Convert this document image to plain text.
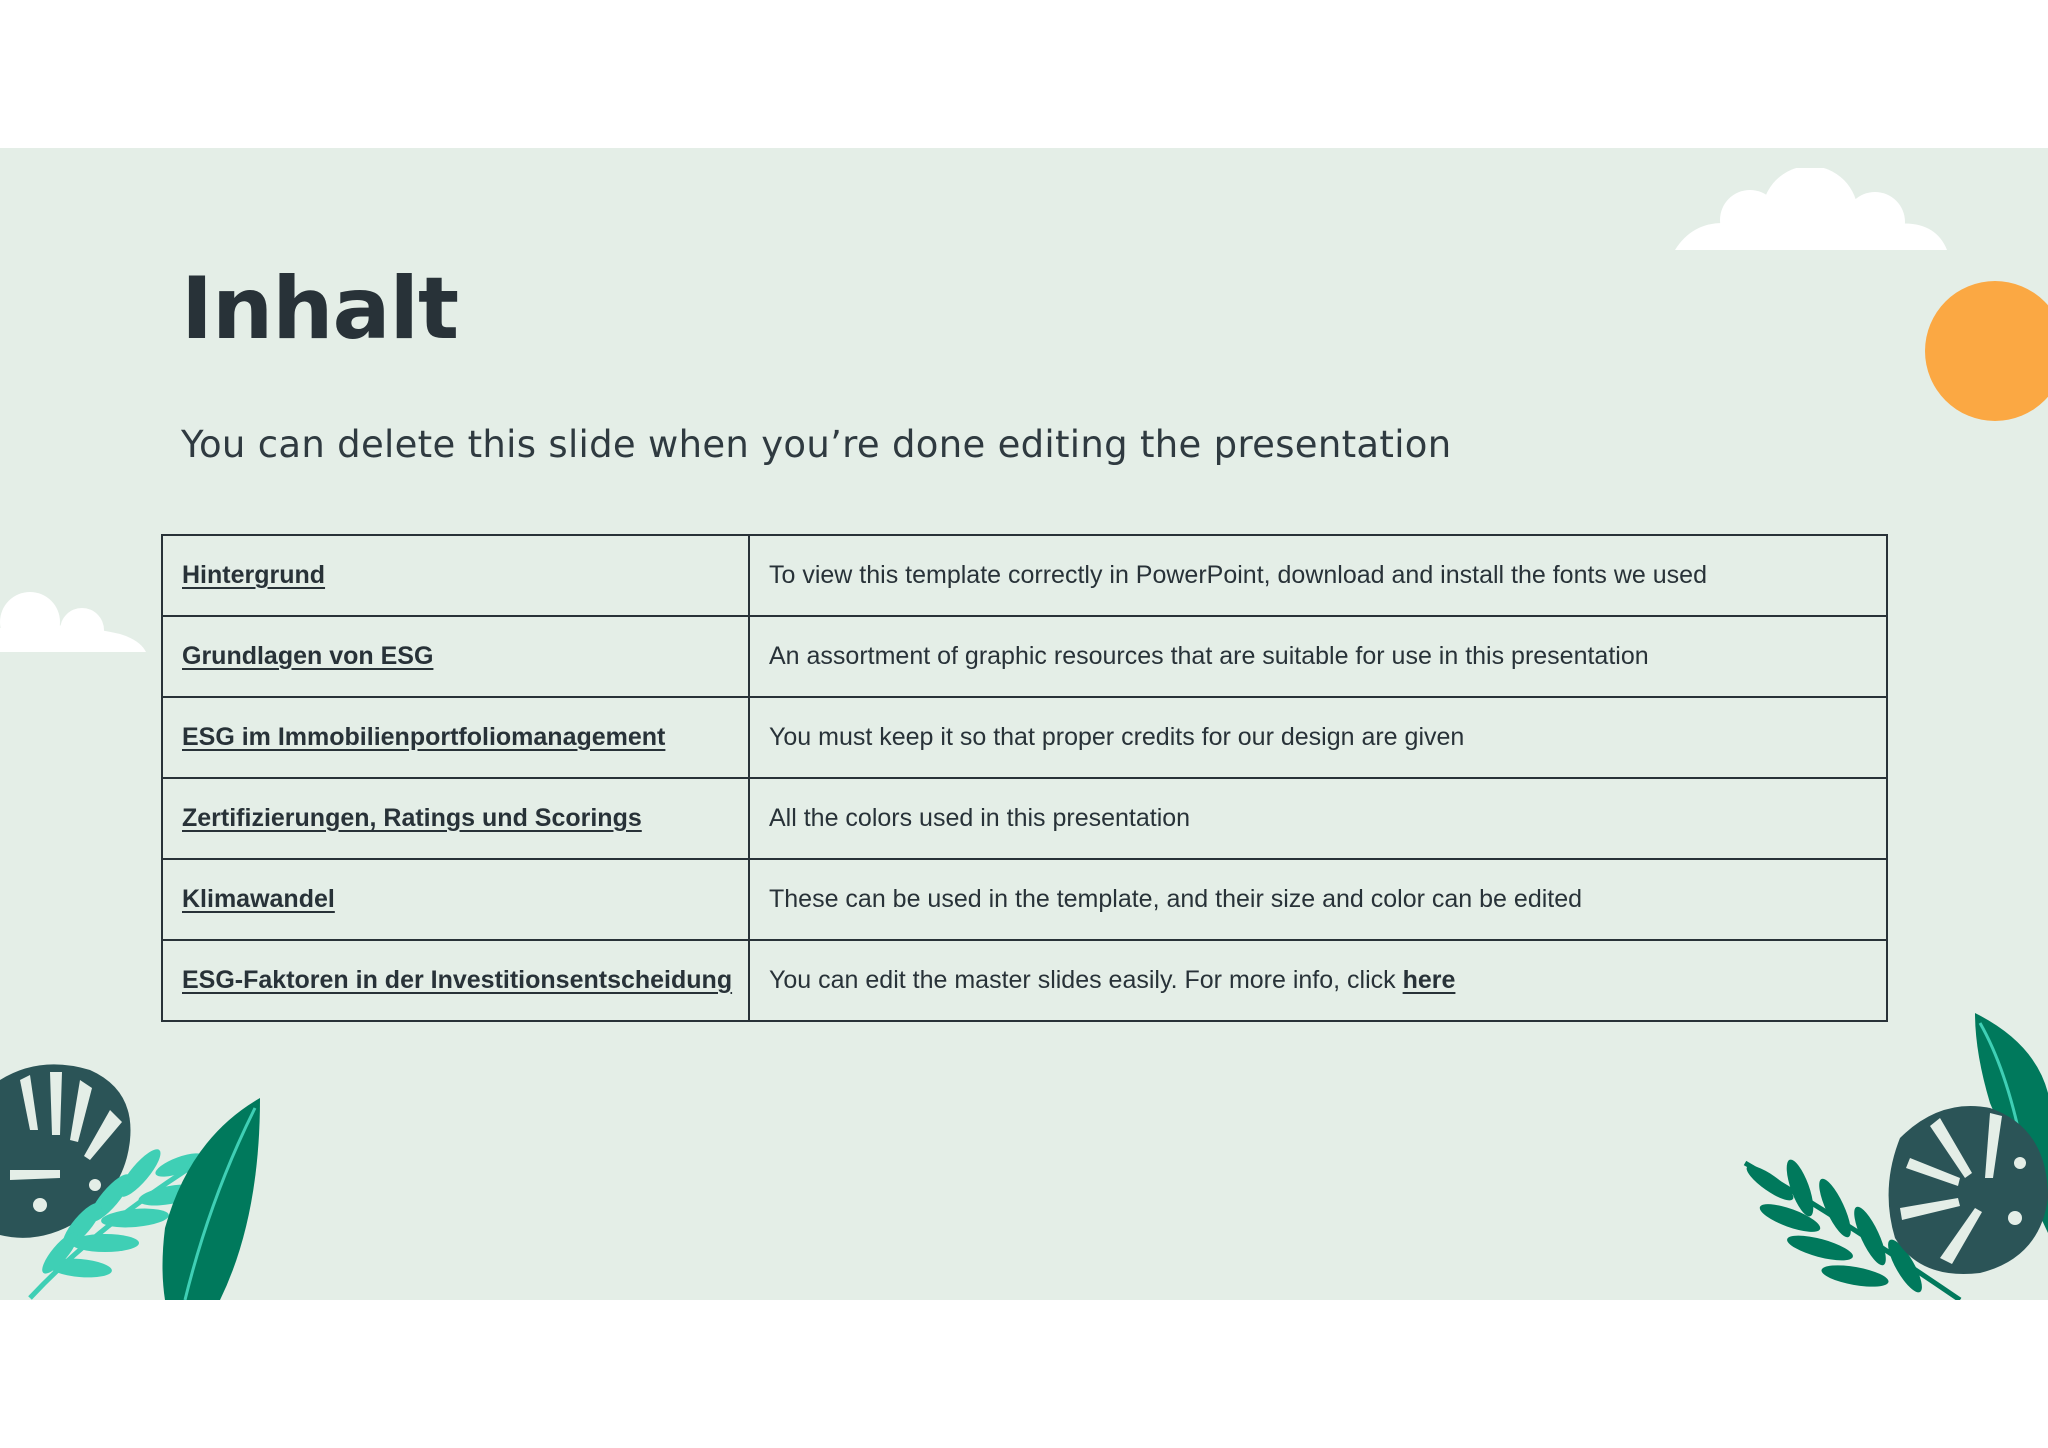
Inhalt

You can delete this slide when you’re done editing the presentation

Hintergrund	To view this template correctly in PowerPoint, download and install the fonts we used
Grundlagen von ESG	An assortment of graphic resources that are suitable for use in this presentation
ESG im Immobilienportfoliomanagement	You must keep it so that proper credits for our design are given
Zertifizierungen, Ratings und Scorings	All the colors used in this presentation
Klimawandel	These can be used in the template, and their size and color can be edited
ESG-Faktoren in der Investitionsentscheidung	You can edit the master slides easily. For more info, click here
